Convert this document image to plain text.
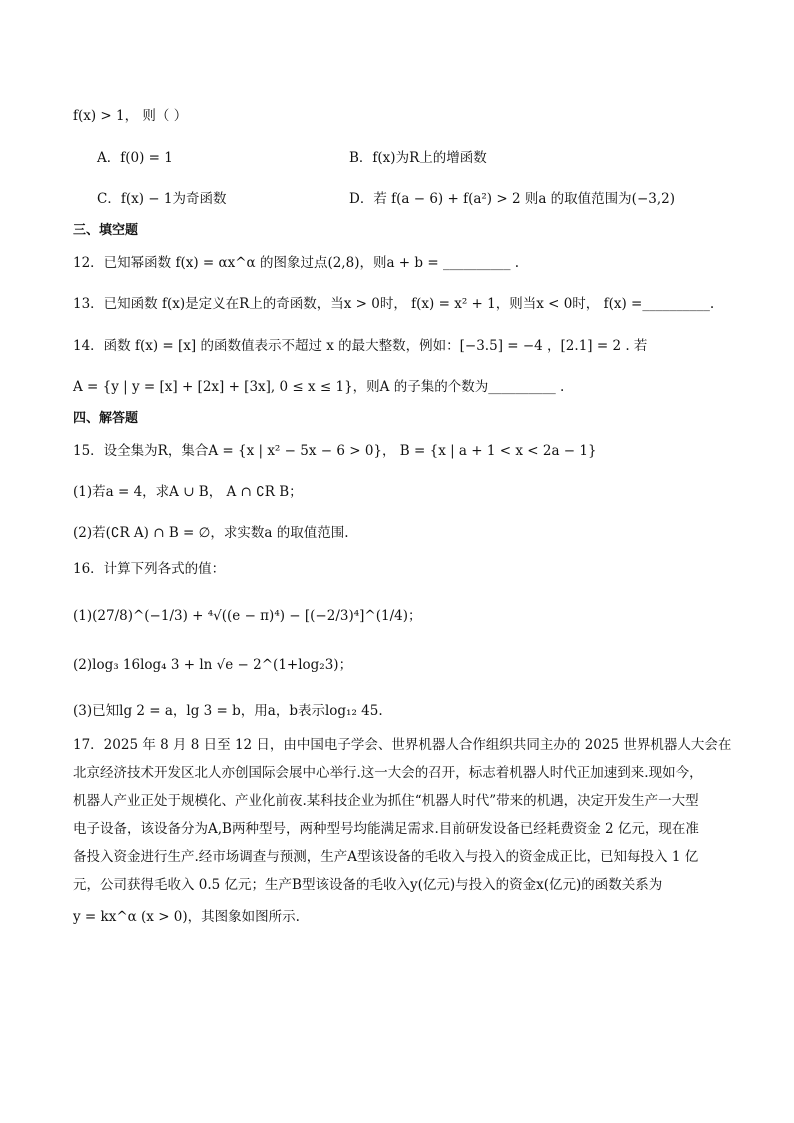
f(x) > 1， 则（ ）
A．f(0) = 1	B．f(x)为R上的增函数
C．f(x) − 1为奇函数	D．若 f(a − 6) + f(a²) > 2 则a 的取值范围为(−3,2)
三、填空题
12．已知幂函数 f(x) = αx^α 的图象过点(2,8)，则a + b = __________ .
13．已知函数 f(x)是定义在R上的奇函数，当x > 0时， f(x) = x² + 1，则当x < 0时， f(x) =__________.
14．函数 f(x) = [x] 的函数值表示不超过 x 的最大整数，例如：[−3.5] = −4 ，[2.1] = 2 . 若
A = {y | y = [x] + [2x] + [3x], 0 ≤ x ≤ 1}，则A 的子集的个数为__________ .
四、解答题
15．设全集为R，集合A = {x | x² − 5x − 6 > 0}， B = {x | a + 1 < x < 2a − 1}
(1)若a = 4，求A ∪ B， A ∩ ∁R B；
(2)若(∁R A) ∩ B = ∅，求实数a 的取值范围.
16．计算下列各式的值：
(1)(27/8)^(−1/3) + ⁴√((e − π)⁴) − [(−2/3)⁴]^(1/4)；
(2)log₃ 16log₄ 3 + ln √e − 2^(1+log₂3)；
(3)已知lg 2 = a，lg 3 = b，用a，b表示log₁₂ 45.
17．2025 年 8 月 8 日至 12 日，由中国电子学会、世界机器人合作组织共同主办的 2025 世界机器人大会在
北京经济技术开发区北人亦创国际会展中心举行.这一大会的召开，标志着机器人时代正加速到来.现如今，
机器人产业正处于规模化、产业化前夜.某科技企业为抓住“机器人时代”带来的机遇，决定开发生产一大型
电子设备，该设备分为A,B两种型号，两种型号均能满足需求.目前研发设备已经耗费资金 2 亿元，现在准
备投入资金进行生产.经市场调查与预测，生产A型该设备的毛收入与投入的资金成正比，已知每投入 1 亿
元，公司获得毛收入 0.5 亿元；生产B型该设备的毛收入y(亿元)与投入的资金x(亿元)的函数关系为
y = kx^α (x > 0)，其图象如图所示.
